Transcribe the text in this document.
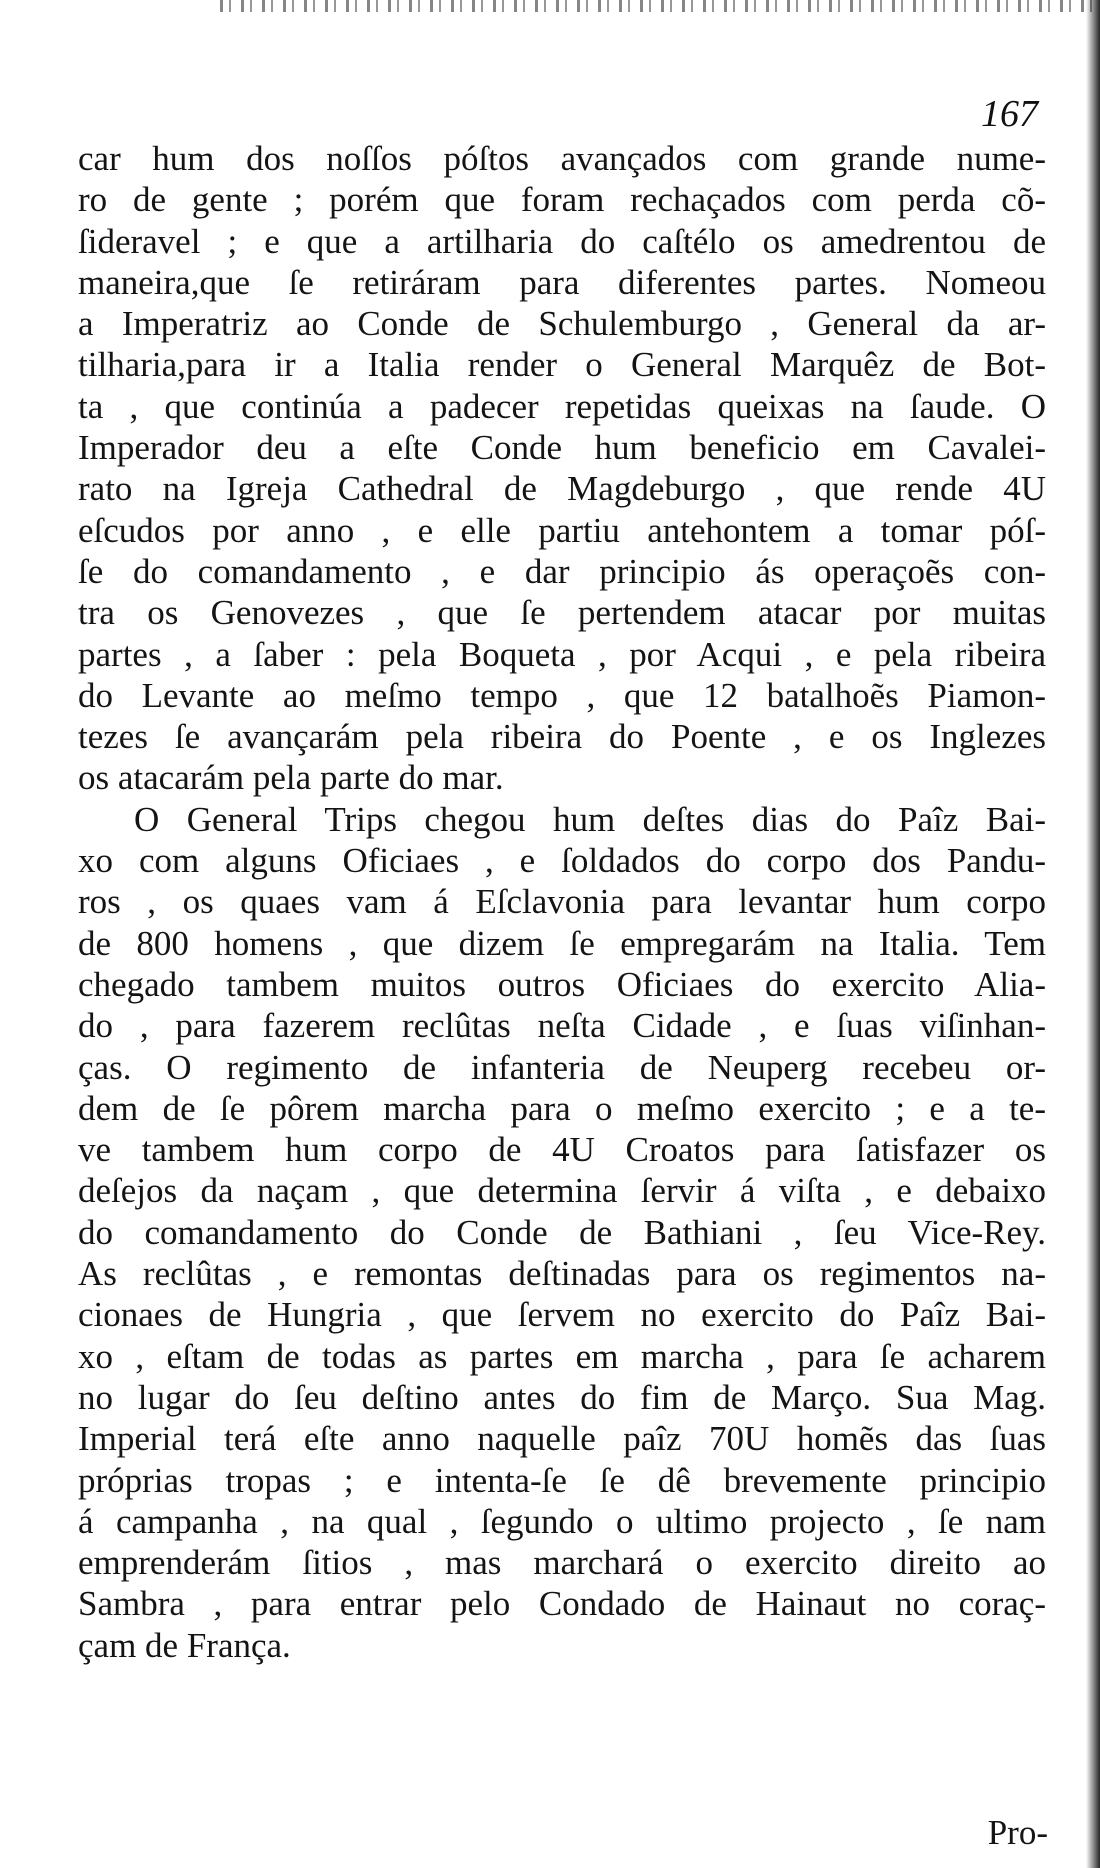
167
car hum dos noſſos póſtos avançados com grande nume-
ro de gente ; porém que foram rechaçados com perda cõ-
ſideravel ; e que a artilharia do caſtélo os amedrentou de
maneira,que ſe retiráram para diferentes partes. Nomeou
a Imperatriz ao Conde de Schulemburgo , General da ar-
tilharia,para ir a Italia render o General Marquêz de Bot-
ta , que continúa a padecer repetidas queixas na ſaude. O
Imperador deu a eſte Conde hum beneficio em Cavalei-
rato na Igreja Cathedral de Magdeburgo , que rende 4U
eſcudos por anno , e elle partiu antehontem a tomar póſ-
ſe do comandamento , e dar principio ás operaçoẽs con-
tra os Genovezes , que ſe pertendem atacar por muitas
partes , a ſaber : pela Boqueta , por Acqui , e pela ribeira
do Levante ao meſmo tempo , que 12 batalhoẽs Piamon-
tezes ſe avançarám pela ribeira do Poente , e os Inglezes
os atacarám pela parte do mar.
O General Trips chegou hum deſtes dias do Paîz Bai-
xo com alguns Oficiaes , e ſoldados do corpo dos Pandu-
ros , os quaes vam á Eſclavonia para levantar hum corpo
de 800 homens , que dizem ſe empregarám na Italia. Tem
chegado tambem muitos outros Oficiaes do exercito Alia-
do , para fazerem reclûtas neſta Cidade , e ſuas viſinhan-
ças. O regimento de infanteria de Neuperg recebeu or-
dem de ſe pôrem marcha para o meſmo exercito ; e a te-
ve tambem hum corpo de 4U Croatos para ſatisfazer os
deſejos da naçam , que determina ſervir á viſta , e debaixo
do comandamento do Conde de Bathiani , ſeu Vice-Rey.
As reclûtas , e remontas deſtinadas para os regimentos na-
cionaes de Hungria , que ſervem no exercito do Paîz Bai-
xo , eſtam de todas as partes em marcha , para ſe acharem
no lugar do ſeu deſtino antes do fim de Março. Sua Mag.
Imperial terá eſte anno naquelle paîz 70U homẽs das ſuas
próprias tropas ; e intenta-ſe ſe dê brevemente principio
á campanha , na qual , ſegundo o ultimo projecto , ſe nam
emprenderám ſitios , mas marchará o exercito direito ao
Sambra , para entrar pelo Condado de Hainaut no coraç-
çam de França.
Pro-
